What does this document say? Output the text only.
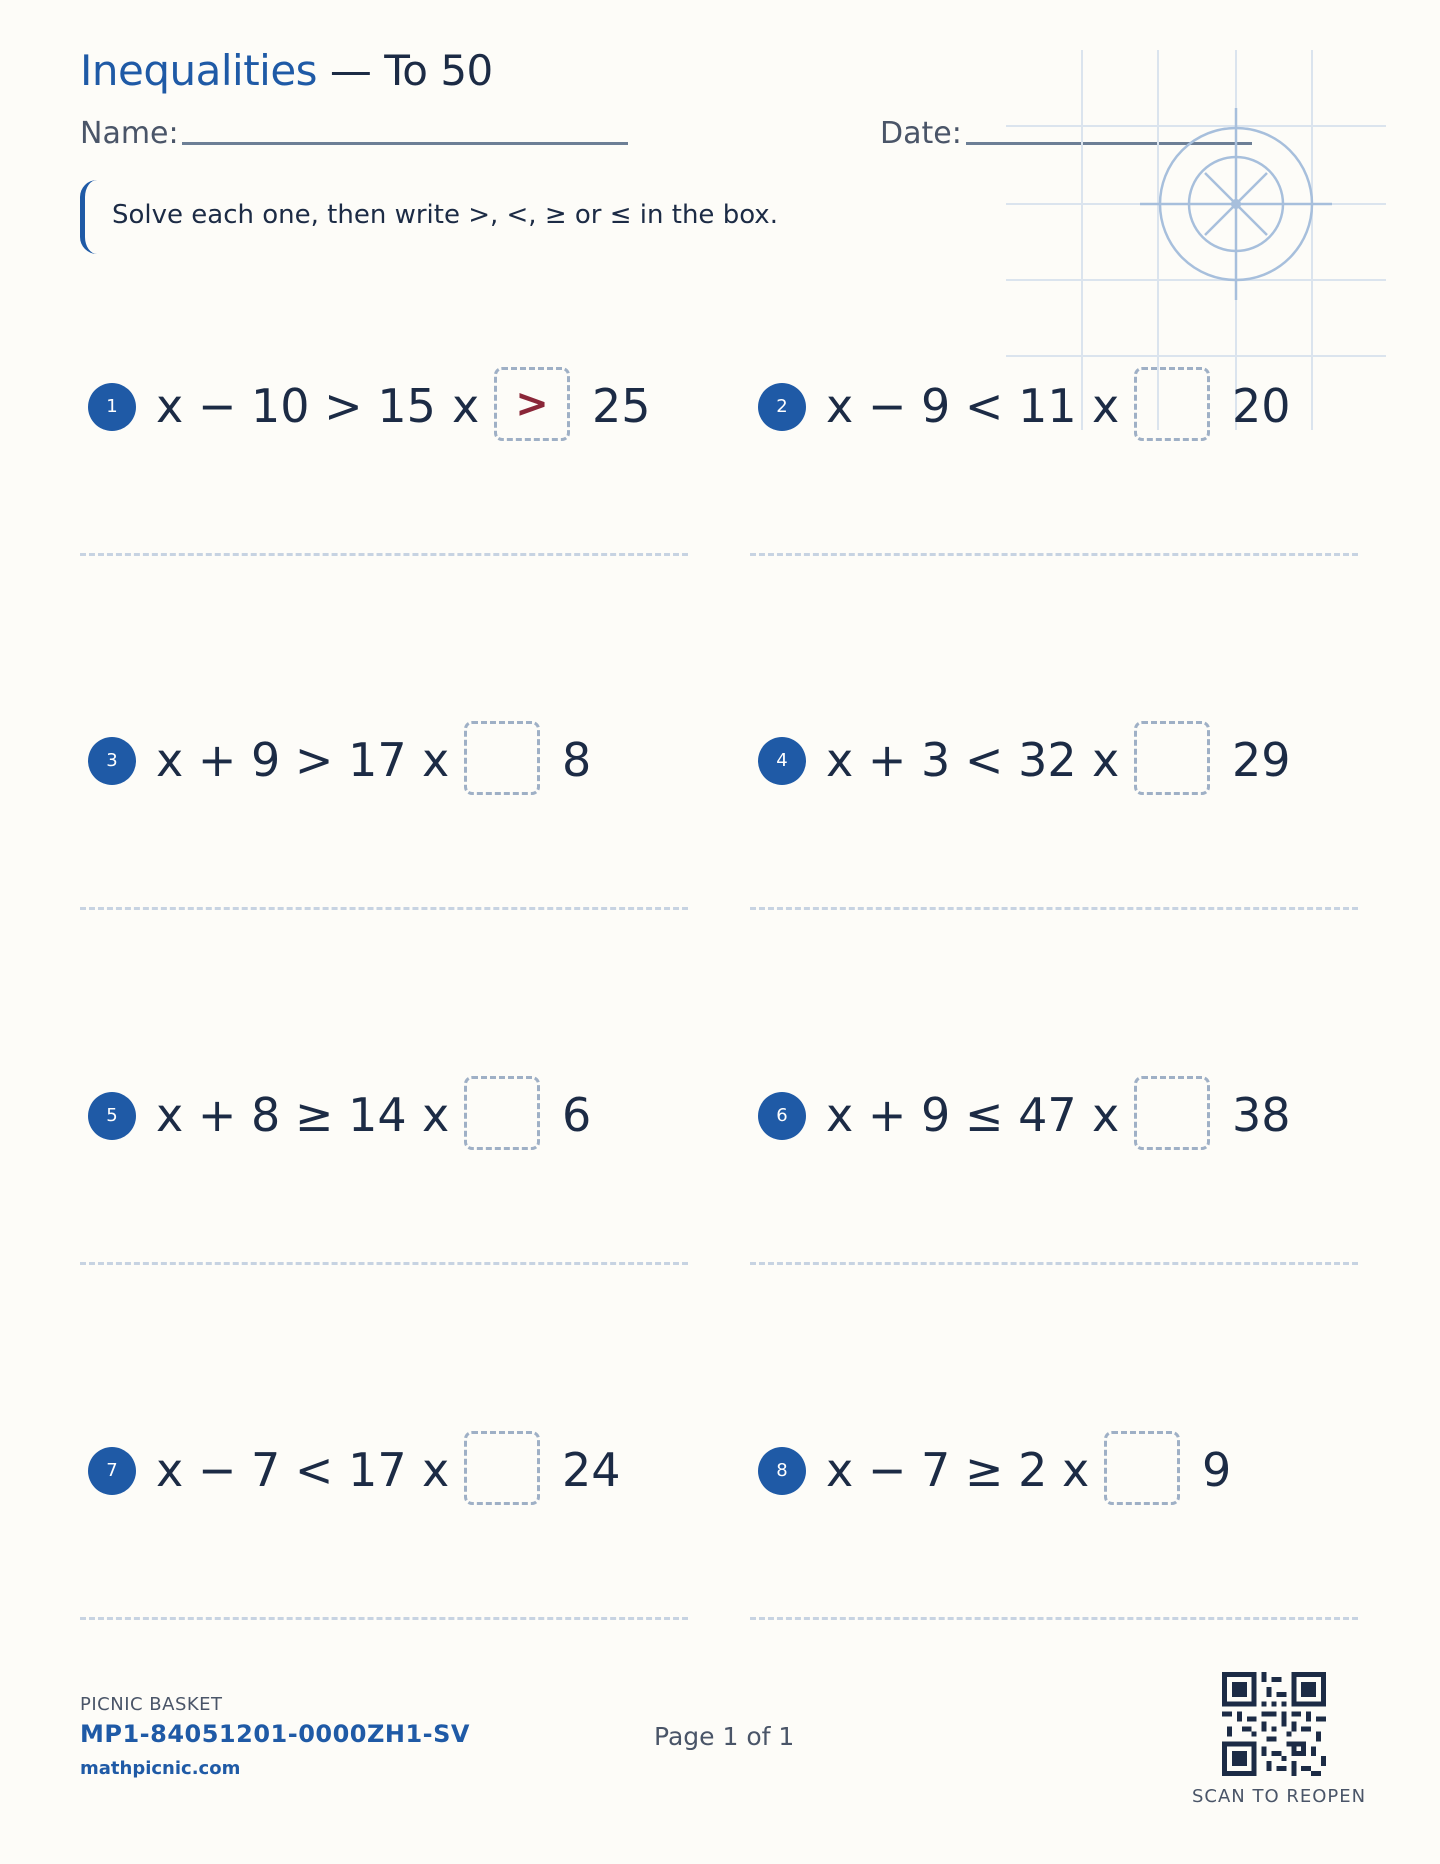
Inequalities — To 50
Name:	Date:
Solve each one, then write >, <, ≥ or ≤ in the box.
1 x − 10 > 15 x > 25	2 x − 9 < 11 x 20
3 x + 9 > 17 x 8	4 x + 3 < 32 x 29
5 x + 8 ≥ 14 x 6	6 x + 9 ≤ 47 x 38
7 x − 7 < 17 x 24	8 x − 7 ≥ 2 x 9
PICNIC BASKET
MP1-84051201-0000ZH1-SV
mathpicnic.com
Page 1 of 1
SCAN TO REOPEN
